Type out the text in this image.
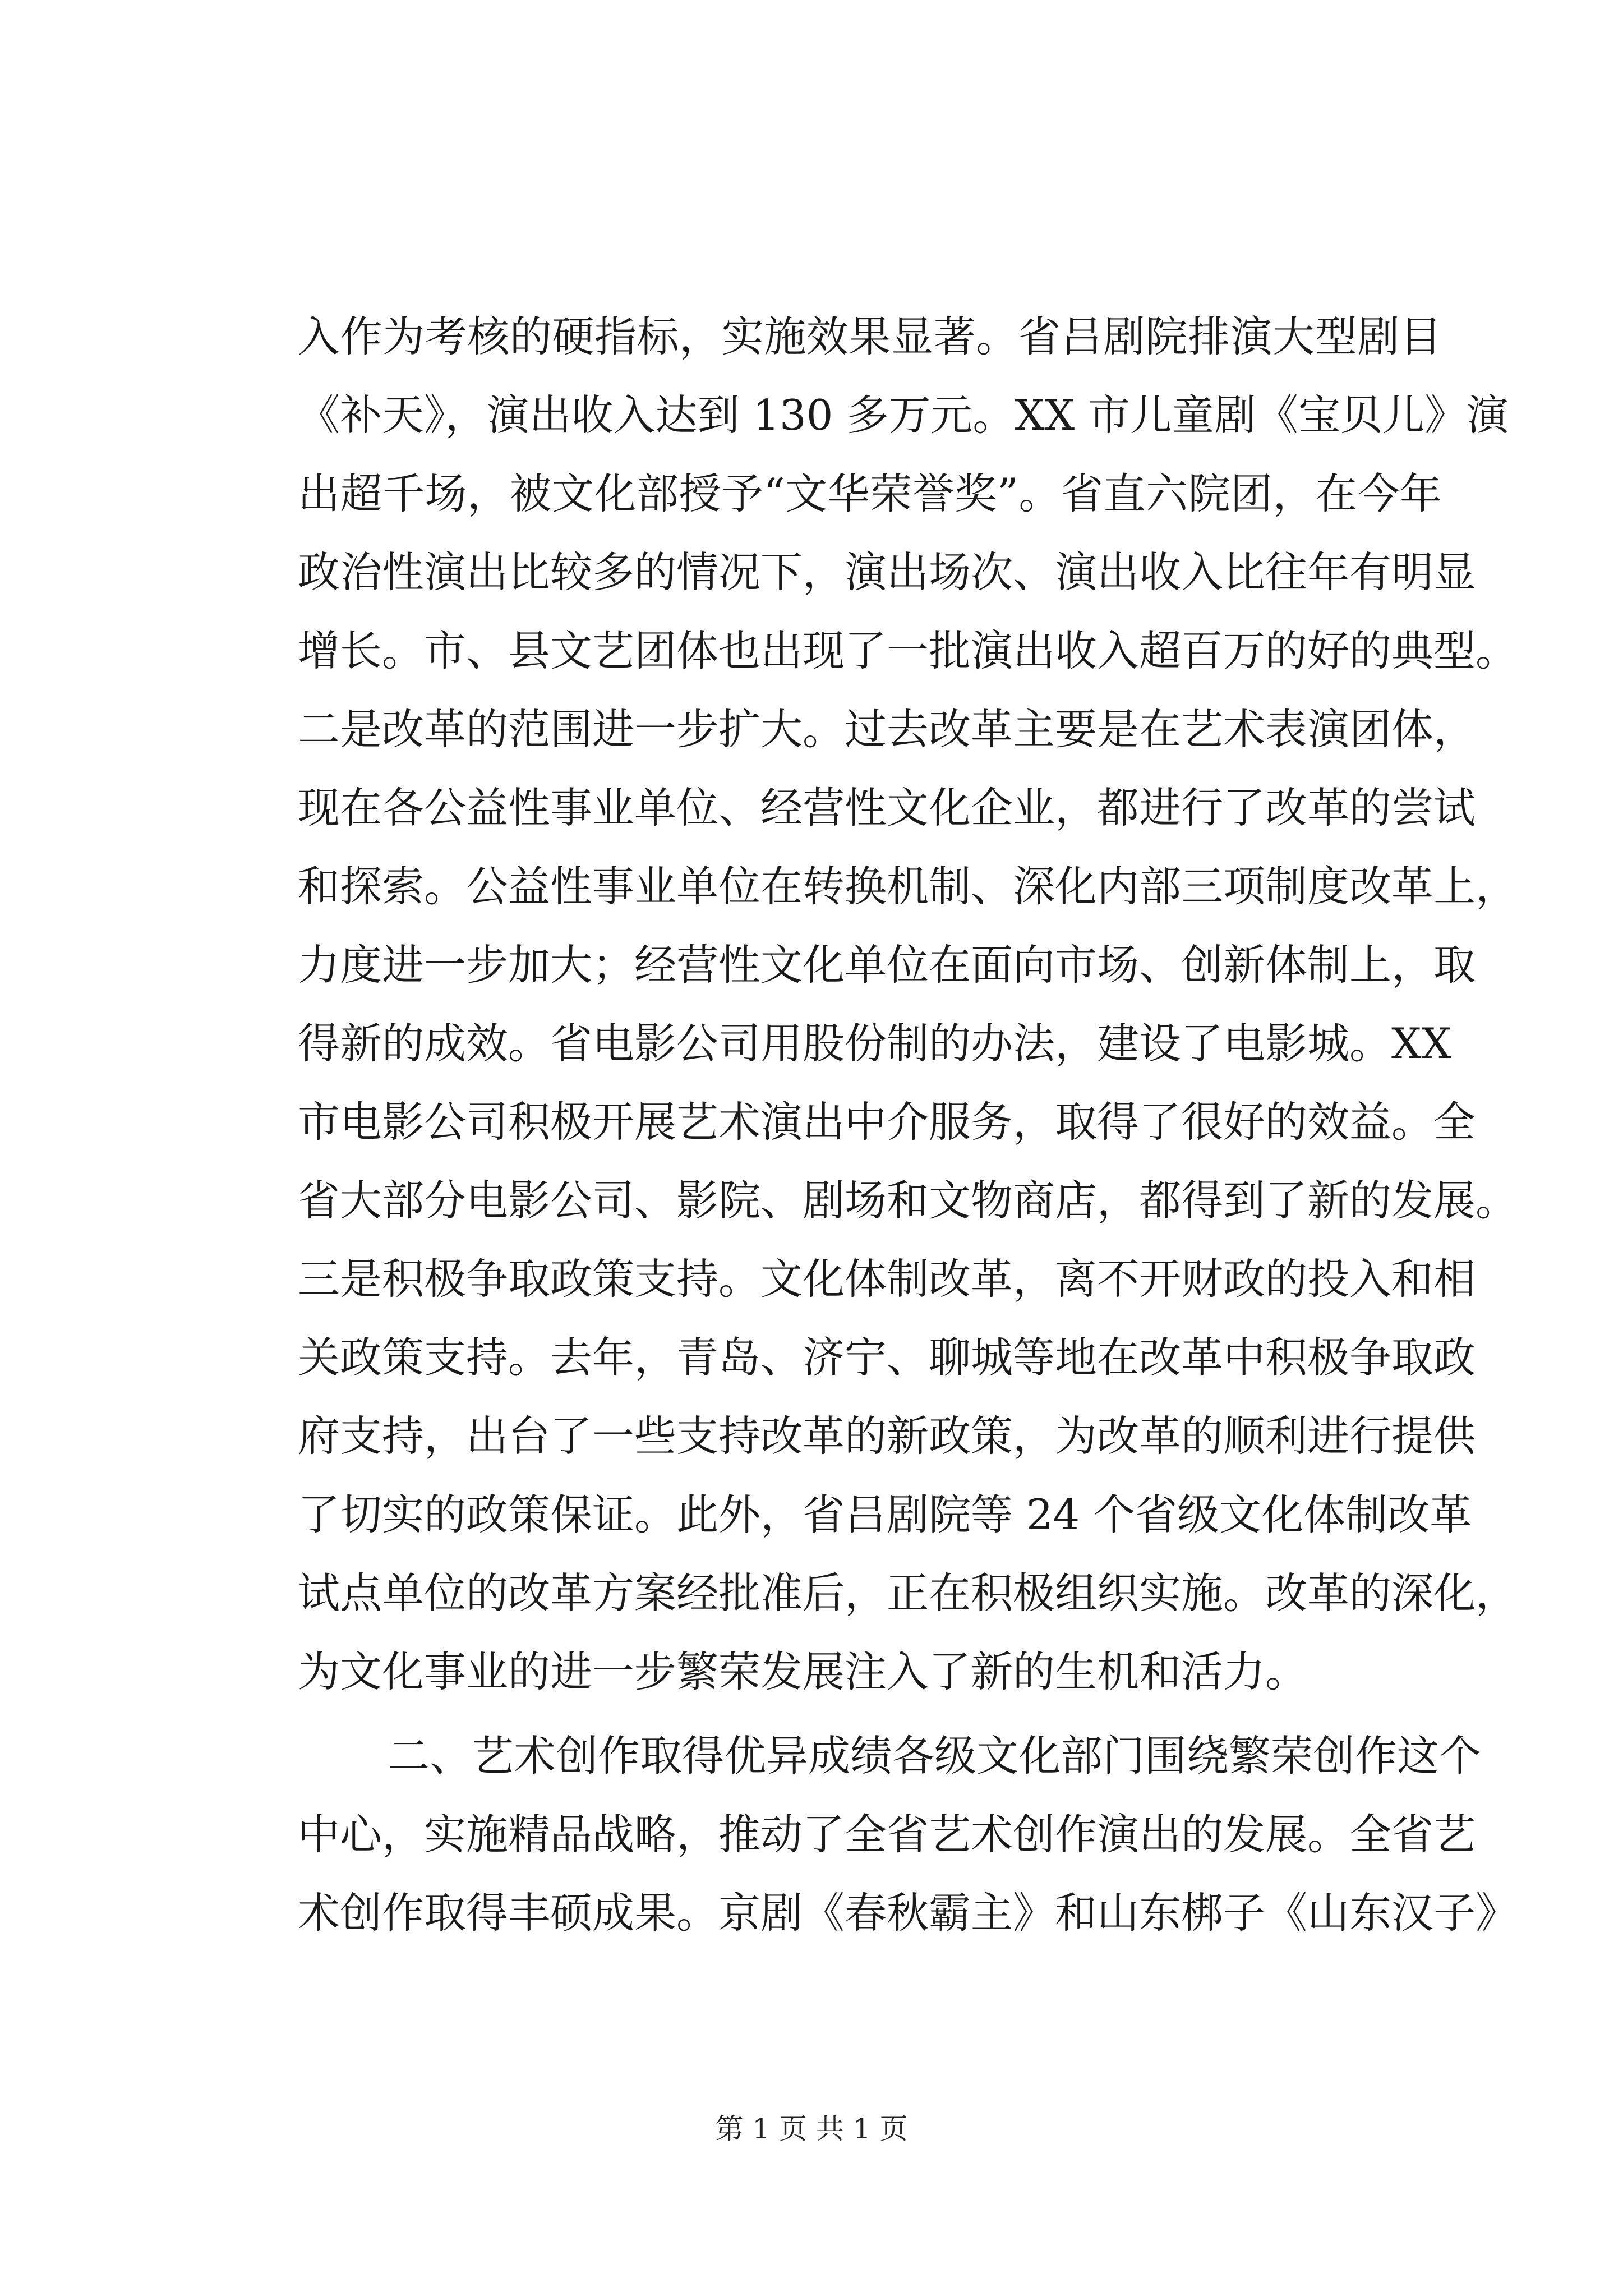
入作为考核的硬指标，实施效果显著。省吕剧院排演大型剧目
《补天》，演出收入达到 130 多万元。XX 市儿童剧《宝贝儿》演
出超千场，被文化部授予“文华荣誉奖”。省直六院团，在今年
政治性演出比较多的情况下，演出场次、演出收入比往年有明显
增长。市、县文艺团体也出现了一批演出收入超百万的好的典型。
二是改革的范围进一步扩大。过去改革主要是在艺术表演团体，
现在各公益性事业单位、经营性文化企业，都进行了改革的尝试
和探索。公益性事业单位在转换机制、深化内部三项制度改革上，
力度进一步加大；经营性文化单位在面向市场、创新体制上，取
得新的成效。省电影公司用股份制的办法，建设了电影城。XX
市电影公司积极开展艺术演出中介服务，取得了很好的效益。全
省大部分电影公司、影院、剧场和文物商店，都得到了新的发展。
三是积极争取政策支持。文化体制改革，离不开财政的投入和相
关政策支持。去年，青岛、济宁、聊城等地在改革中积极争取政
府支持，出台了一些支持改革的新政策，为改革的顺利进行提供
了切实的政策保证。此外，省吕剧院等 24 个省级文化体制改革
试点单位的改革方案经批准后，正在积极组织实施。改革的深化，
为文化事业的进一步繁荣发展注入了新的生机和活力。
二、艺术创作取得优异成绩各级文化部门围绕繁荣创作这个
中心，实施精品战略，推动了全省艺术创作演出的发展。全省艺
术创作取得丰硕成果。京剧《春秋霸主》和山东梆子《山东汉子》
第 1 页 共 1 页
